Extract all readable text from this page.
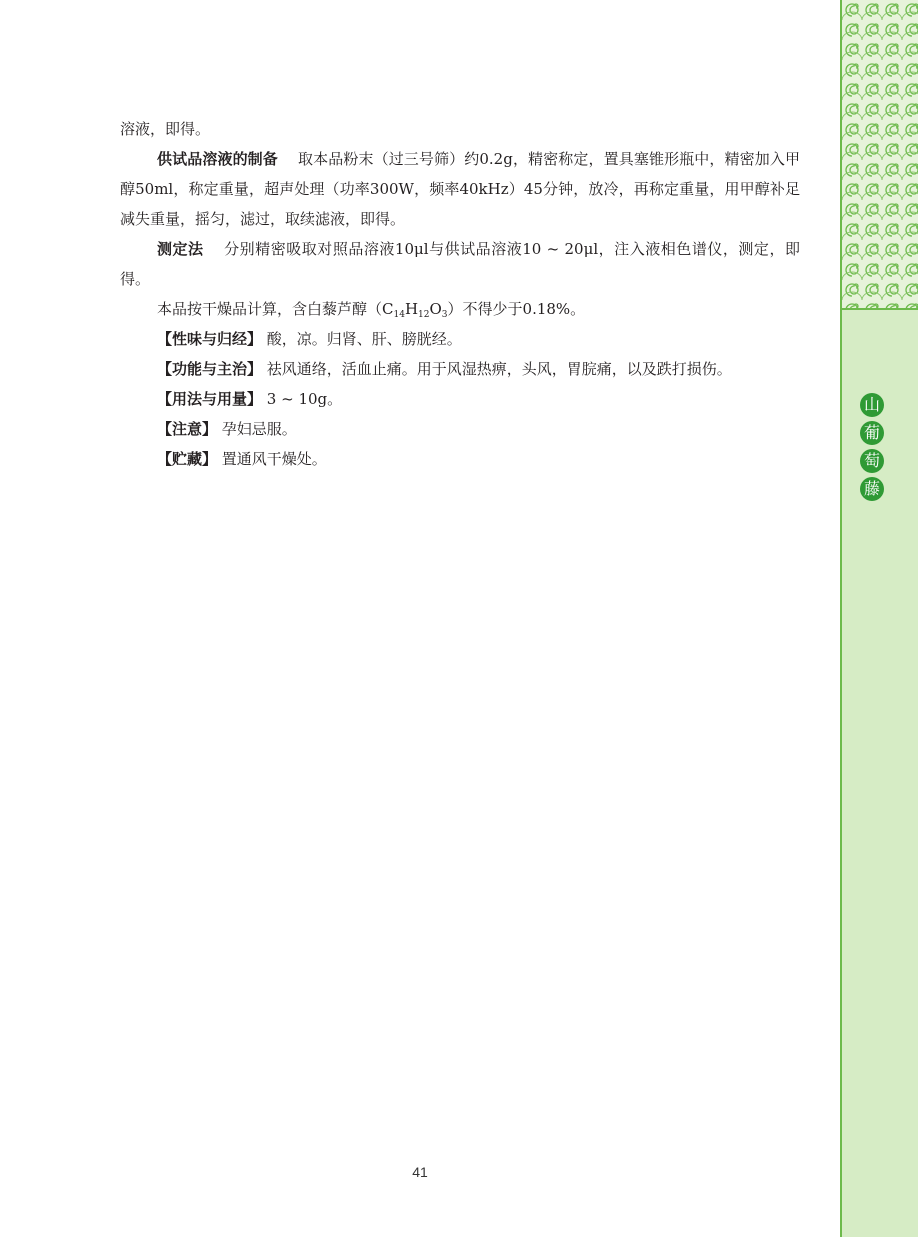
溶液，即得。

供试品溶液的制备 取本品粉末（过三号筛）约0.2g，精密称定，置具塞锥形瓶中，精密加入甲醇50ml，称定重量，超声处理（功率300W，频率40kHz）45分钟，放冷，再称定重量，用甲醇补足减失重量，摇匀，滤过，取续滤液，即得。

测定法 分别精密吸取对照品溶液10μl与供试品溶液10 ~ 20μl，注入液相色谱仪，测定，即得。

本品按干燥品计算，含白藜芦醇$(C_{14}H_{12}O_3)$不得少于0.18%。

【性味与归经】 酸，凉。归肾、肝、膀胱经。

【功能与主治】 祛风通络，活血止痛。用于风湿热痹，头风，胃脘痛，以及跌打损伤。

【用法与用量】 3 ~ 10g。

【注意】 孕妇忌服。

【贮藏】 置通风干燥处。

41
山
葡
萄
藤
